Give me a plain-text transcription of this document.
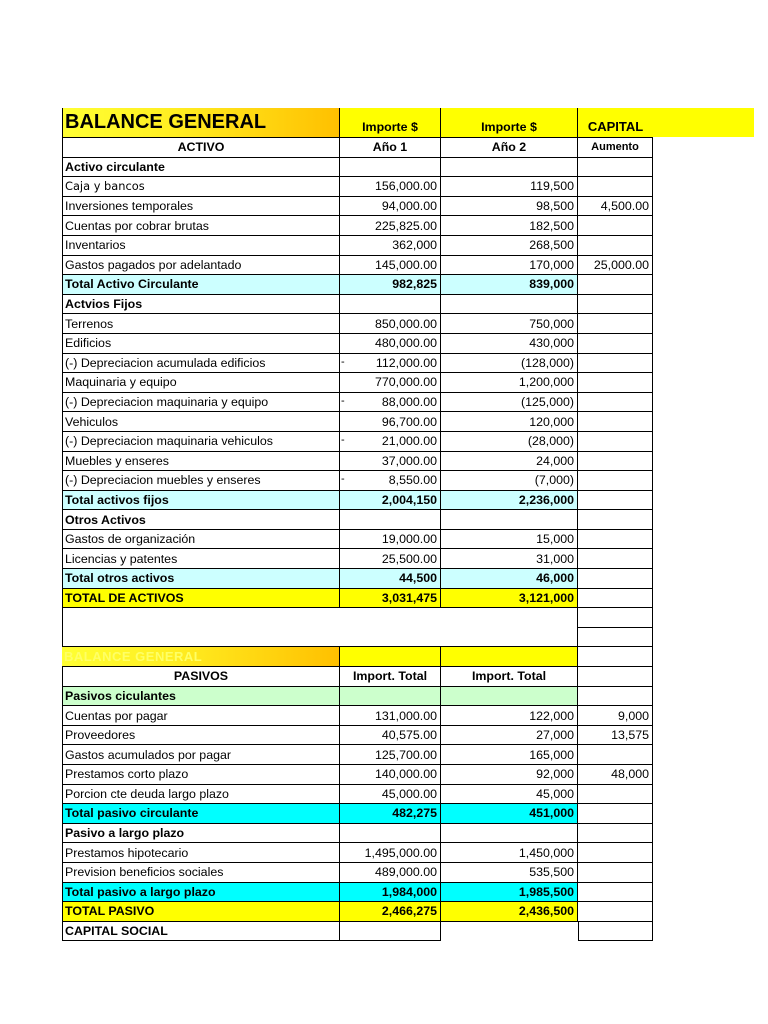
BALANCE GENERAL	Importe $	Importe $	CAPITAL
ACTIVO	Año 1	Año 2	Aumento
Activo circulante
Caja y bancos	156,000.00	119,500
Inversiones temporales	94,000.00	98,500	4,500.00
Cuentas por cobrar brutas	225,825.00	182,500
Inventarios	362,000	268,500
Gastos pagados por adelantado	145,000.00	170,000	25,000.00
Total Activo Circulante	982,825	839,000
Actvios Fijos
Terrenos	850,000.00	750,000
Edificios	480,000.00	430,000
(-) Depreciacion acumulada edificios	-	112,000.00	(128,000)
Maquinaria y equipo	770,000.00	1,200,000
(-) Depreciacion maquinaria y equipo	-	88,000.00	(125,000)
Vehiculos	96,700.00	120,000
(-) Depreciacion maquinaria vehiculos	-	21,000.00	(28,000)
Muebles y enseres	37,000.00	24,000
(-) Depreciacion muebles y enseres	-	8,550.00	(7,000)
Total activos fijos	2,004,150	2,236,000
Otros Activos
Gastos de organización	19,000.00	15,000
Licencias y patentes	25,500.00	31,000
Total otros activos	44,500	46,000
TOTAL DE ACTIVOS	3,031,475	3,121,000
BALANCE GENERAL
PASIVOS	Import. Total	Import. Total
Pasivos ciculantes
Cuentas por pagar	131,000.00	122,000	9,000
Proveedores	40,575.00	27,000	13,575
Gastos acumulados por pagar	125,700.00	165,000
Prestamos corto plazo	140,000.00	92,000	48,000
Porcion cte deuda largo plazo	45,000.00	45,000
Total pasivo circulante	482,275	451,000
Pasivo a largo plazo
Prestamos hipotecario	1,495,000.00	1,450,000
Prevision beneficios sociales	489,000.00	535,500
Total pasivo a largo plazo	1,984,000	1,985,500
TOTAL PASIVO	2,466,275	2,436,500
CAPITAL SOCIAL
